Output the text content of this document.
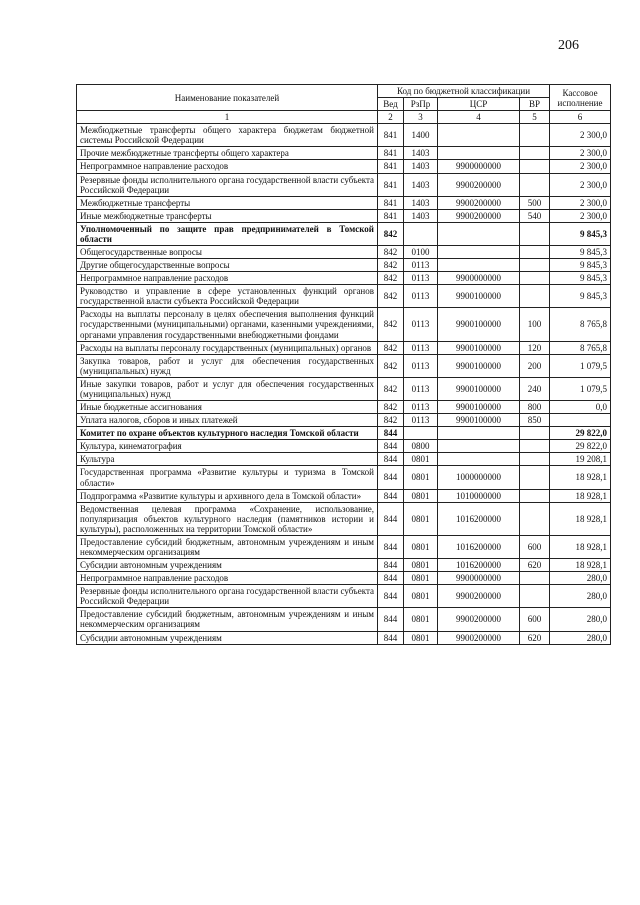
206
Наименование показателей	Код по бюджетной классификации				Кассовое исполнение
	Вед	РзПр	ЦСР	ВР	
1	2	3	4	5	6
Межбюджетные трансферты общего характера бюджетам бюджетной системы Российской Федерации	841	1400			2 300,0
Прочие межбюджетные трансферты общего характера	841	1403			2 300,0
Непрограммное направление расходов	841	1403	9900000000		2 300,0
Резервные фонды исполнительного органа государственной власти субъекта Российской Федерации	841	1403	9900200000		2 300,0
Межбюджетные трансферты	841	1403	9900200000	500	2 300,0
Иные межбюджетные трансферты	841	1403	9900200000	540	2 300,0
Уполномоченный по защите прав предпринимателей в Томской области	842				9 845,3
Общегосударственные вопросы	842	0100			9 845,3
Другие общегосударственные вопросы	842	0113			9 845,3
Непрограммное направление расходов	842	0113	9900000000		9 845,3
Руководство и управление в сфере установленных функций органов государственной власти субъекта Российской Федерации	842	0113	9900100000		9 845,3
Расходы на выплаты персоналу в целях обеспечения выполнения функций государственными (муниципальными) органами, казенными учреждениями, органами управления государственными внебюджетными фондами	842	0113	9900100000	100	8 765,8
Расходы на выплаты персоналу государственных (муниципальных) органов	842	0113	9900100000	120	8 765,8
Закупка товаров, работ и услуг для обеспечения государственных (муниципальных) нужд	842	0113	9900100000	200	1 079,5
Иные закупки товаров, работ и услуг для обеспечения государственных (муниципальных) нужд	842	0113	9900100000	240	1 079,5
Иные бюджетные ассигнования	842	0113	9900100000	800	0,0
Уплата налогов, сборов и иных платежей	842	0113	9900100000	850	
Комитет по охране объектов культурного наследия Томской области	844				29 822,0
Культура, кинематография	844	0800			29 822,0
Культура	844	0801			19 208,1
Государственная программа «Развитие культуры и туризма в Томской области»	844	0801	1000000000		18 928,1
Подпрограмма «Развитие культуры и архивного дела в Томской области»	844	0801	1010000000		18 928,1
Ведомственная целевая программа «Сохранение, использование, популяризация объектов культурного наследия (памятников истории и культуры), расположенных на территории Томской области»	844	0801	1016200000		18 928,1
Предоставление субсидий бюджетным, автономным учреждениям и иным некоммерческим организациям	844	0801	1016200000	600	18 928,1
Субсидии автономным учреждениям	844	0801	1016200000	620	18 928,1
Непрограммное направление расходов	844	0801	9900000000		280,0
Резервные фонды исполнительного органа государственной власти субъекта Российской Федерации	844	0801	9900200000		280,0
Предоставление субсидий бюджетным, автономным учреждениям и иным некоммерческим организациям	844	0801	9900200000	600	280,0
Субсидии автономным учреждениям	844	0801	9900200000	620	280,0
